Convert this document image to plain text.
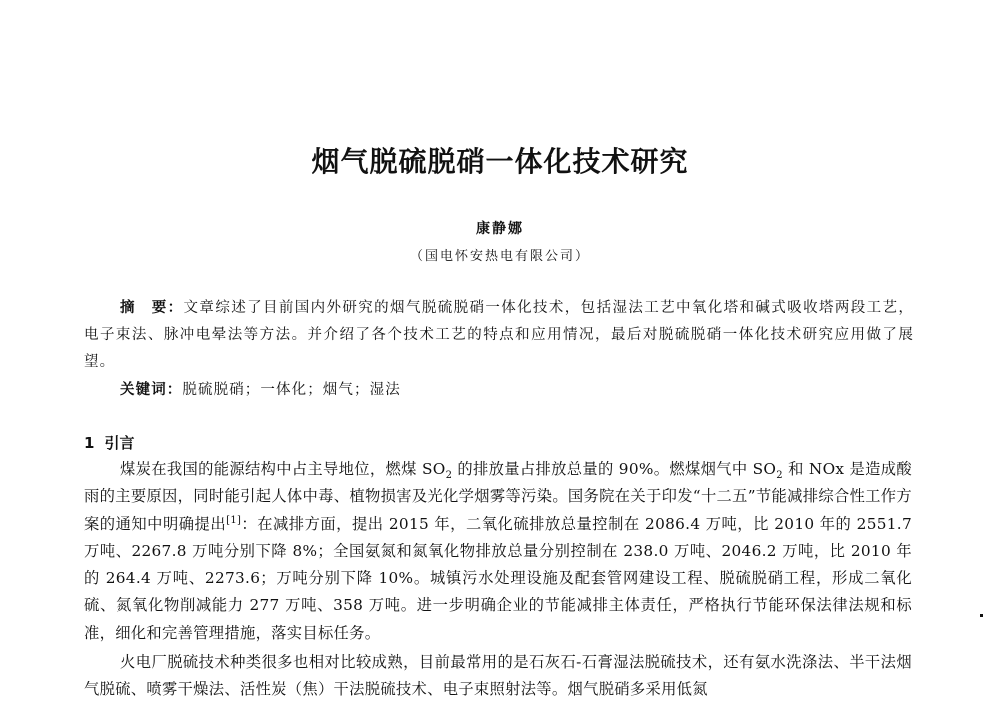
烟气脱硫脱硝一体化技术研究
康静娜
（国电怀安热电有限公司）
摘　要：文章综述了目前国内外研究的烟气脱硫脱硝一体化技术，包括湿法工艺中氧化塔和碱式吸收塔两段工艺，电子束法、脉冲电晕法等方法。并介绍了各个技术工艺的特点和应用情况，最后对脱硫脱硝一体化技术研究应用做了展望。
关键词：脱硫脱硝；一体化；烟气；湿法
1 引言

煤炭在我国的能源结构中占主导地位，燃煤 $SO_2$ 的排放量占排放总量的 90%。燃煤烟气中 $SO_2$ 和 NOx 是造成酸雨的主要原因，同时能引起人体中毒、植物损害及光化学烟雾等污染。国务院在关于印发“十二五”节能减排综合性工作方案的通知中明确提出[1]：在减排方面，提出 2015 年，二氧化硫排放总量控制在 2086.4 万吨，比 2010 年的 2551.7 万吨、2267.8 万吨分别下降 8%；全国氨氮和氮氧化物排放总量分别控制在 238.0 万吨、2046.2 万吨，比 2010 年的 264.4 万吨、2273.6；万吨分别下降 10%。城镇污水处理设施及配套管网建设工程、脱硫脱硝工程，形成二氧化硫、氮氧化物削减能力 277 万吨、358 万吨。进一步明确企业的节能减排主体责任，严格执行节能环保法律法规和标准，细化和完善管理措施，落实目标任务。

火电厂脱硫技术种类很多也相对比较成熟，目前最常用的是石灰石-石膏湿法脱硫技术，还有氨水洗涤法、半干法烟气脱硫、喷雾干燥法、活性炭（焦）干法脱硫技术、电子束照射法等。烟气脱硝多采用低氮
